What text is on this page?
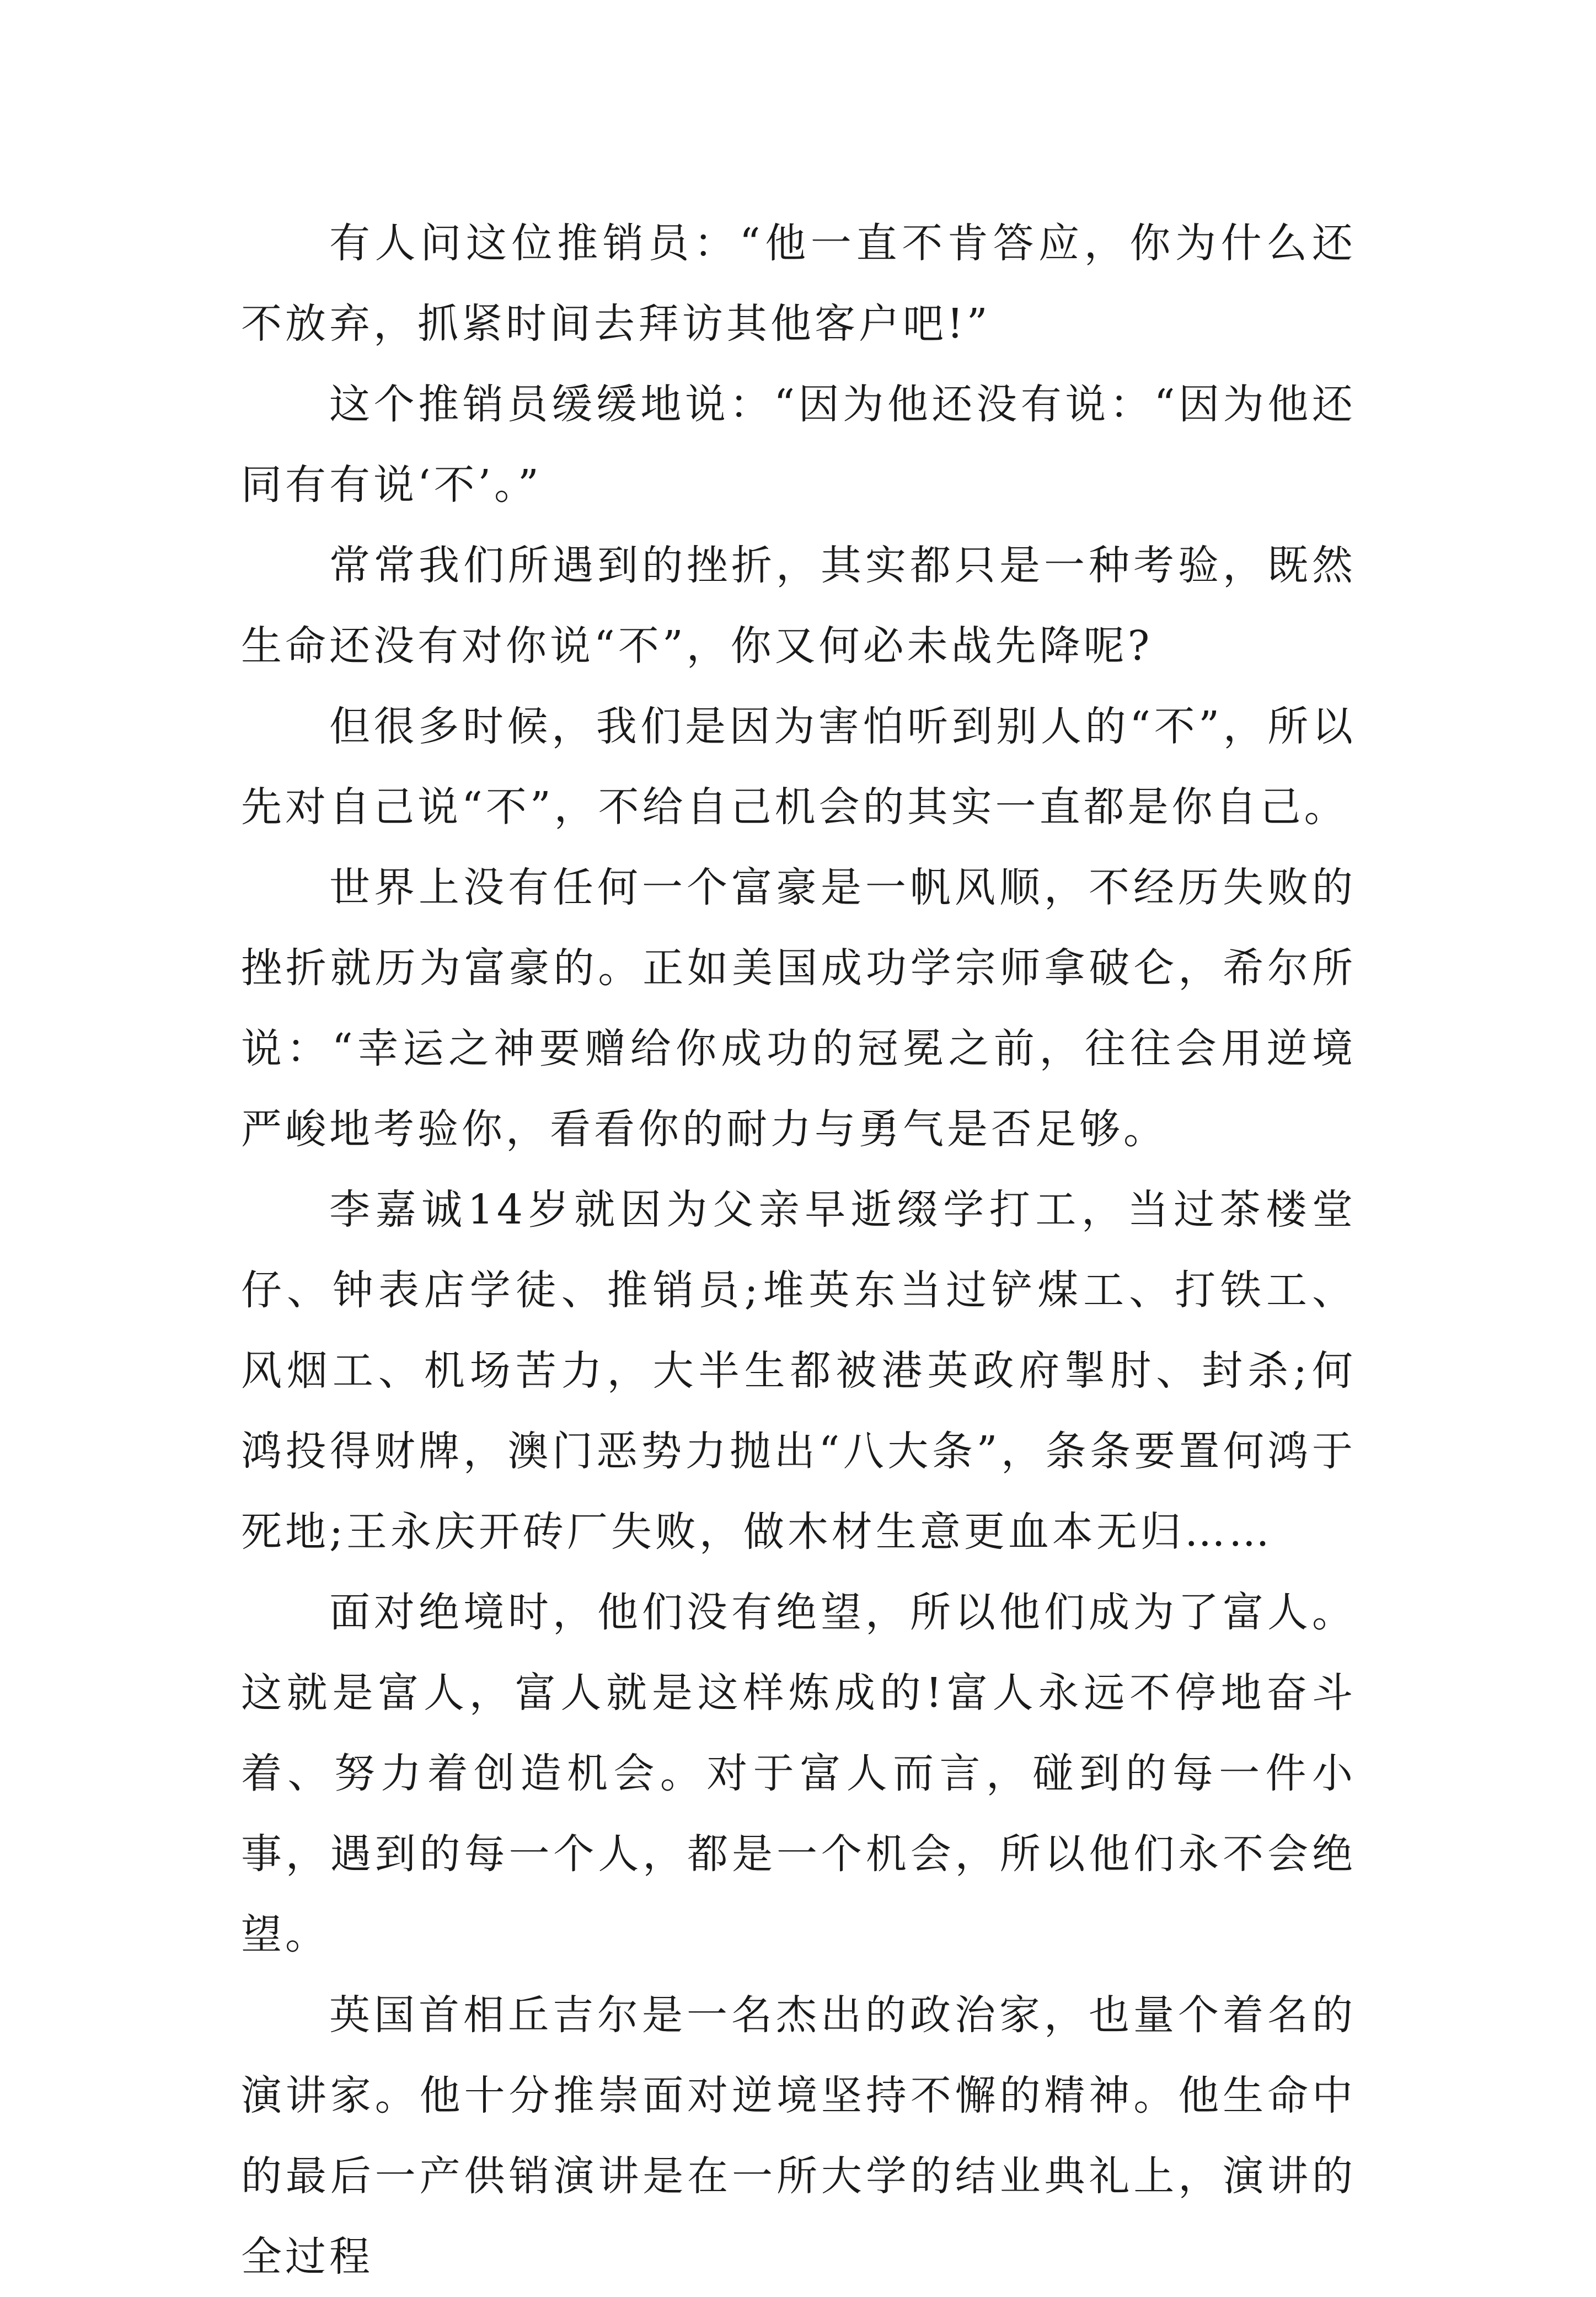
有人问这位推销员：“他一直不肯答应，你为什么还不放弃，抓紧时间去拜访其他客户吧!”

这个推销员缓缓地说：“因为他还没有说：“因为他还同有有说‘不’。”

常常我们所遇到的挫折，其实都只是一种考验，既然生命还没有对你说“不”，你又何必未战先降呢?

但很多时候，我们是因为害怕听到别人的“不”，所以先对自己说“不”，不给自己机会的其实一直都是你自己。

世界上没有任何一个富豪是一帆风顺，不经历失败的挫折就历为富豪的。正如美国成功学宗师拿破仑，希尔所说：“幸运之神要赠给你成功的冠冕之前，往往会用逆境严峻地考验你，看看你的耐力与勇气是否足够。

李嘉诚14岁就因为父亲早逝缀学打工，当过茶楼堂仔、钟表店学徒、推销员;堆英东当过铲煤工、打铁工、风烟工、机场苦力，大半生都被港英政府掣肘、封杀;何鸿投得财牌，澳门恶势力抛出“八大条”，条条要置何鸿于死地;王永庆开砖厂失败，做木材生意更血本无归……

面对绝境时，他们没有绝望，所以他们成为了富人。这就是富人，富人就是这样炼成的!富人永远不停地奋斗着、努力着创造机会。对于富人而言，碰到的每一件小事，遇到的每一个人，都是一个机会，所以他们永不会绝望。

英国首相丘吉尔是一名杰出的政治家，也量个着名的演讲家。他十分推崇面对逆境坚持不懈的精神。他生命中的最后一产供销演讲是在一所大学的结业典礼上，演讲的全过程
